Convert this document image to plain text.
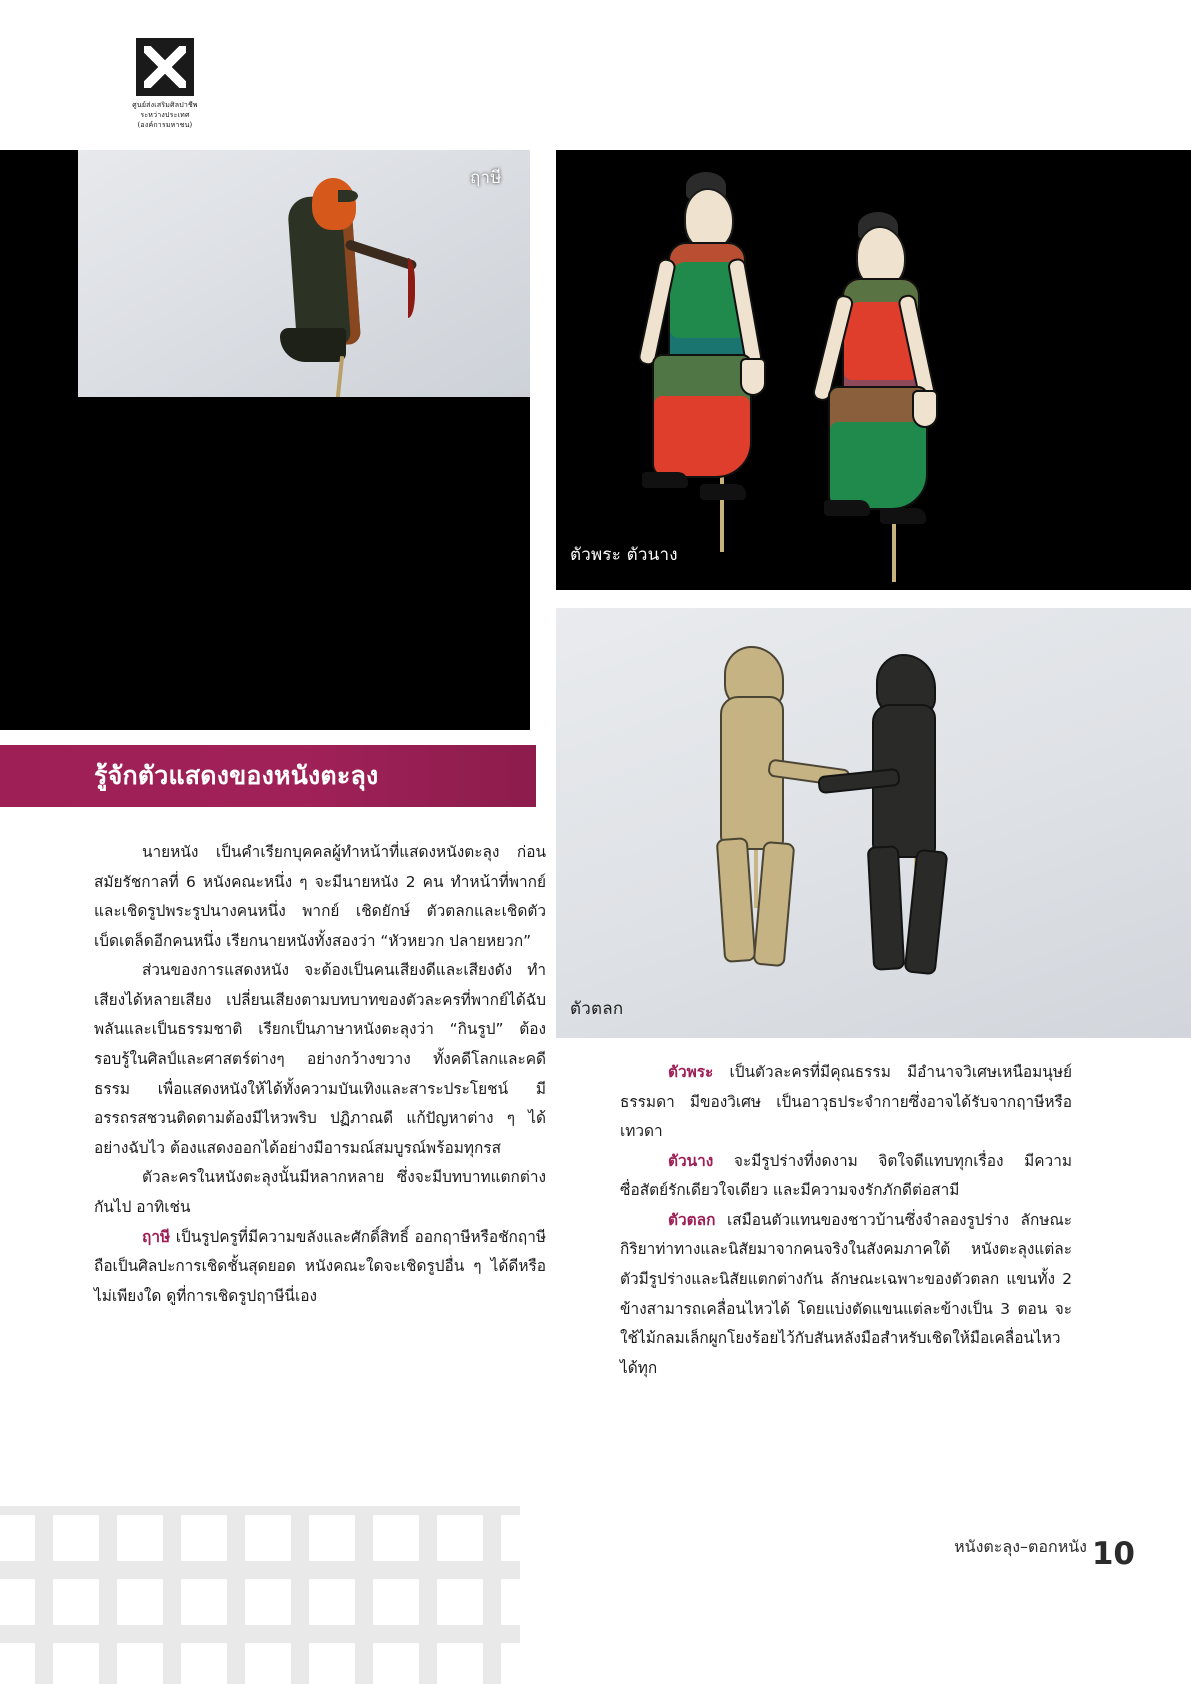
ศูนย์ส่งเสริมศิลปาชีพ
ระหว่างประเทศ
(องค์การมหาชน)
ฤาษี
ตัวพระ ตัวนาง
ตัวตลก
รู้จักตัวแสดงของหนังตะลุง

นายหนัง เป็นคำเรียกบุคคลผู้ทำหน้าที่แสดงหนังตะลุง ก่อนสมัยรัชกาลที่ 6 หนังคณะหนึ่ง ๆ จะมีนายหนัง 2 คน ทำหน้าที่พากย์และเชิดรูปพระรูปนางคนหนึ่ง พากย์ เชิดยักษ์ ตัวตลกและเชิดตัวเบ็ดเตล็ดอีกคนหนึ่ง เรียกนายหนังทั้งสองว่า “หัวหยวก ปลายหยวก”

ส่วนของการแสดงหนัง จะต้องเป็นคนเสียงดีและเสียงดัง ทำเสียงได้หลายเสียง เปลี่ยนเสียงตามบทบาทของตัวละครที่พากย์ได้ฉับพลันและเป็นธรรมชาติ เรียกเป็นภาษาหนังตะลุงว่า “กินรูป” ต้องรอบรู้ในศิลป์และศาสตร์ต่างๆ อย่างกว้างขวาง ทั้งคดีโลกและคดีธรรม เพื่อแสดงหนังให้ได้ทั้งความบันเทิงและสาระประโยชน์ มีอรรถรสชวนติดตามต้องมีไหวพริบ ปฏิภาณดี แก้ปัญหาต่าง ๆ ได้อย่างฉับไว ต้องแสดงออกได้อย่างมีอารมณ์สมบูรณ์พร้อมทุกรส

ตัวละครในหนังตะลุงนั้นมีหลากหลาย ซึ่งจะมีบทบาทแตกต่างกันไป อาทิเช่น

ฤาษี เป็นรูปครูที่มีความขลังและศักดิ์สิทธิ์ ออกฤาษีหรือชักฤาษี ถือเป็นศิลปะการเชิดชั้นสุดยอด หนังคณะใดจะเชิดรูปอื่น ๆ ได้ดีหรือไม่เพียงใด ดูที่การเชิดรูปฤาษีนี่เอง

ตัวพระ เป็นตัวละครที่มีคุณธรรม มีอำนาจวิเศษเหนือมนุษย์ธรรมดา มีของวิเศษ เป็นอาวุธประจำกายซึ่งอาจได้รับจากฤาษีหรือเทวดา

ตัวนาง จะมีรูปร่างที่งดงาม จิตใจดีแทบทุกเรื่อง มีความซื่อสัตย์รักเดียวใจเดียว และมีความจงรักภักดีต่อสามี

ตัวตลก เสมือนตัวแทนของชาวบ้านซึ่งจำลองรูปร่าง ลักษณะ กิริยาท่าทางและนิสัยมาจากคนจริงในสังคมภาคใต้ หนังตะลุงแต่ละตัวมีรูปร่างและนิสัยแตกต่างกัน ลักษณะเฉพาะของตัวตลก แขนทั้ง 2 ข้างสามารถเคลื่อนไหวได้ โดยแบ่งตัดแขนแต่ละข้างเป็น 3 ตอน จะใช้ไม้กลมเล็กผูกโยงร้อยไว้กับสันหลังมือสำหรับเชิดให้มือเคลื่อนไหวได้ทุก

หนังตะลุง–ตอกหนัง 10
